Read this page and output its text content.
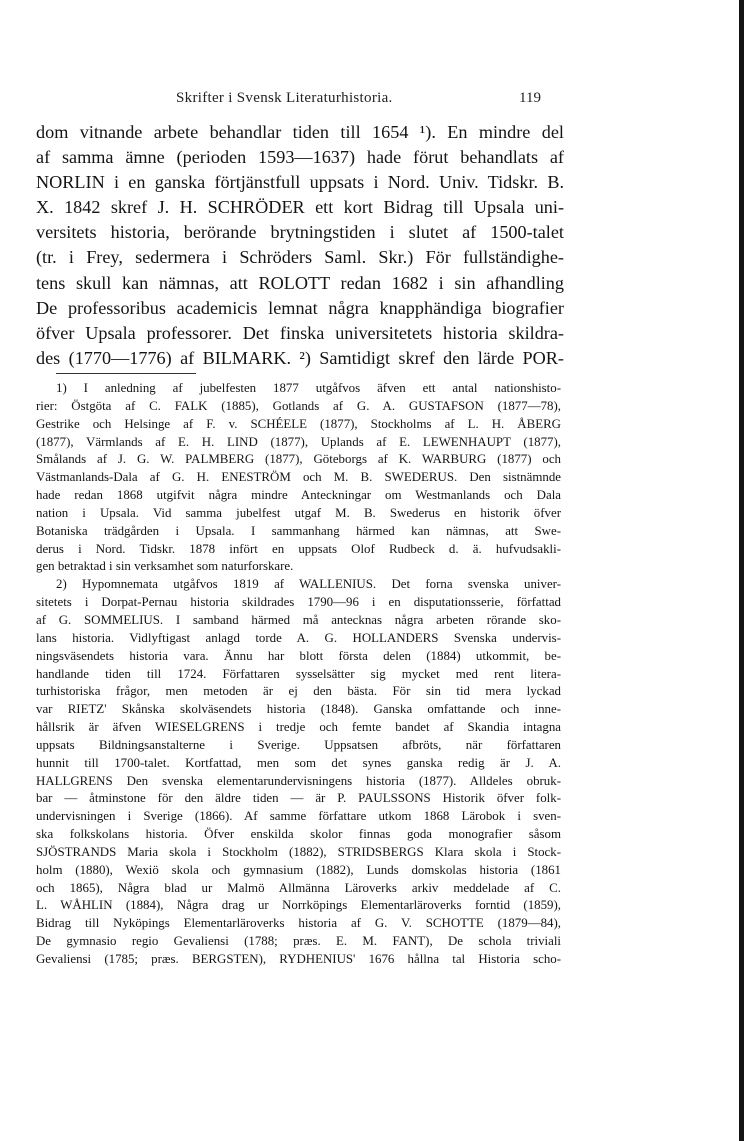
Skrifter i Svensk Literaturhistoria.	119
dom vitnande arbete behandlar tiden till 1654 ¹). En mindre del
af samma ämne (perioden 1593—1637) hade förut behandlats af
NORLIN i en ganska förtjänstfull uppsats i Nord. Univ. Tidskr. B.
X. 1842 skref J. H. SCHRÖDER ett kort Bidrag till Upsala uni-
versitets historia, berörande brytningstiden i slutet af 1500-talet
(tr. i Frey, sedermera i Schröders Saml. Skr.) För fullständighe-
tens skull kan nämnas, att ROLOTT redan 1682 i sin afhandling
De professoribus academicis lemnat några knapphändiga biografier
öfver Upsala professorer. Det finska universitetets historia skildra-
des (1770—1776) af BILMARK. ²) Samtidigt skref den lärde POR-
1) I anledning af jubelfesten 1877 utgåfvos äfven ett antal nationshisto-
rier: Östgöta af C. FALK (1885), Gotlands af G. A. GUSTAFSON (1877—78),
Gestrike och Helsinge af F. v. SCHÉELE (1877), Stockholms af L. H. ÅBERG
(1877), Värmlands af E. H. LIND (1877), Uplands af E. LEWENHAUPT (1877),
Smålands af J. G. W. PALMBERG (1877), Göteborgs af K. WARBURG (1877) och
Västmanlands-Dala af G. H. ENESTRÖM och M. B. SWEDERUS. Den sistnämnde
hade redan 1868 utgifvit några mindre Anteckningar om Westmanlands och Dala
nation i Upsala. Vid samma jubelfest utgaf M. B. Swederus en historik öfver
Botaniska trädgården i Upsala. I sammanhang härmed kan nämnas, att Swe-
derus i Nord. Tidskr. 1878 infört en uppsats Olof Rudbeck d. ä. hufvudsakli-
gen betraktad i sin verksamhet som naturforskare.
2) Hypomnemata utgåfvos 1819 af WALLENIUS. Det forna svenska univer-
sitetets i Dorpat-Pernau historia skildrades 1790—96 i en disputationsserie, författad
af G. SOMMELIUS. I samband härmed må antecknas några arbeten rörande sko-
lans historia. Vidlyftigast anlagd torde A. G. HOLLANDERS Svenska undervis-
ningsväsendets historia vara. Ännu har blott första delen (1884) utkommit, be-
handlande tiden till 1724. Författaren sysselsätter sig mycket med rent litera-
turhistoriska frågor, men metoden är ej den bästa. För sin tid mera lyckad
var RIETZ' Skånska skolväsendets historia (1848). Ganska omfattande och inne-
hållsrik är äfven WIESELGRENS i tredje och femte bandet af Skandia intagna
uppsats Bildningsanstalterne i Sverige. Uppsatsen afbröts, när författaren
hunnit till 1700-talet. Kortfattad, men som det synes ganska redig är J. A.
HALLGRENS Den svenska elementarundervisningens historia (1877). Alldeles obruk-
bar — åtminstone för den äldre tiden — är P. PAULSSONS Historik öfver folk-
undervisningen i Sverige (1866). Af samme författare utkom 1868 Lärobok i sven-
ska folkskolans historia. Öfver enskilda skolor finnas goda monografier såsom
SJÖSTRANDS Maria skola i Stockholm (1882), STRIDSBERGS Klara skola i Stock-
holm (1880), Wexiö skola och gymnasium (1882), Lunds domskolas historia (1861
och 1865), Några blad ur Malmö Allmänna Läroverks arkiv meddelade af C.
L. WÅHLIN (1884), Några drag ur Norrköpings Elementarläroverks forntid (1859),
Bidrag till Nyköpings Elementarläroverks historia af G. V. SCHOTTE (1879—84),
De gymnasio regio Gevaliensi (1788; præs. E. M. FANT), De schola triviali
Gevaliensi (1785; præs. BERGSTEN), RYDHENIUS' 1676 hållna tal Historia scho-
